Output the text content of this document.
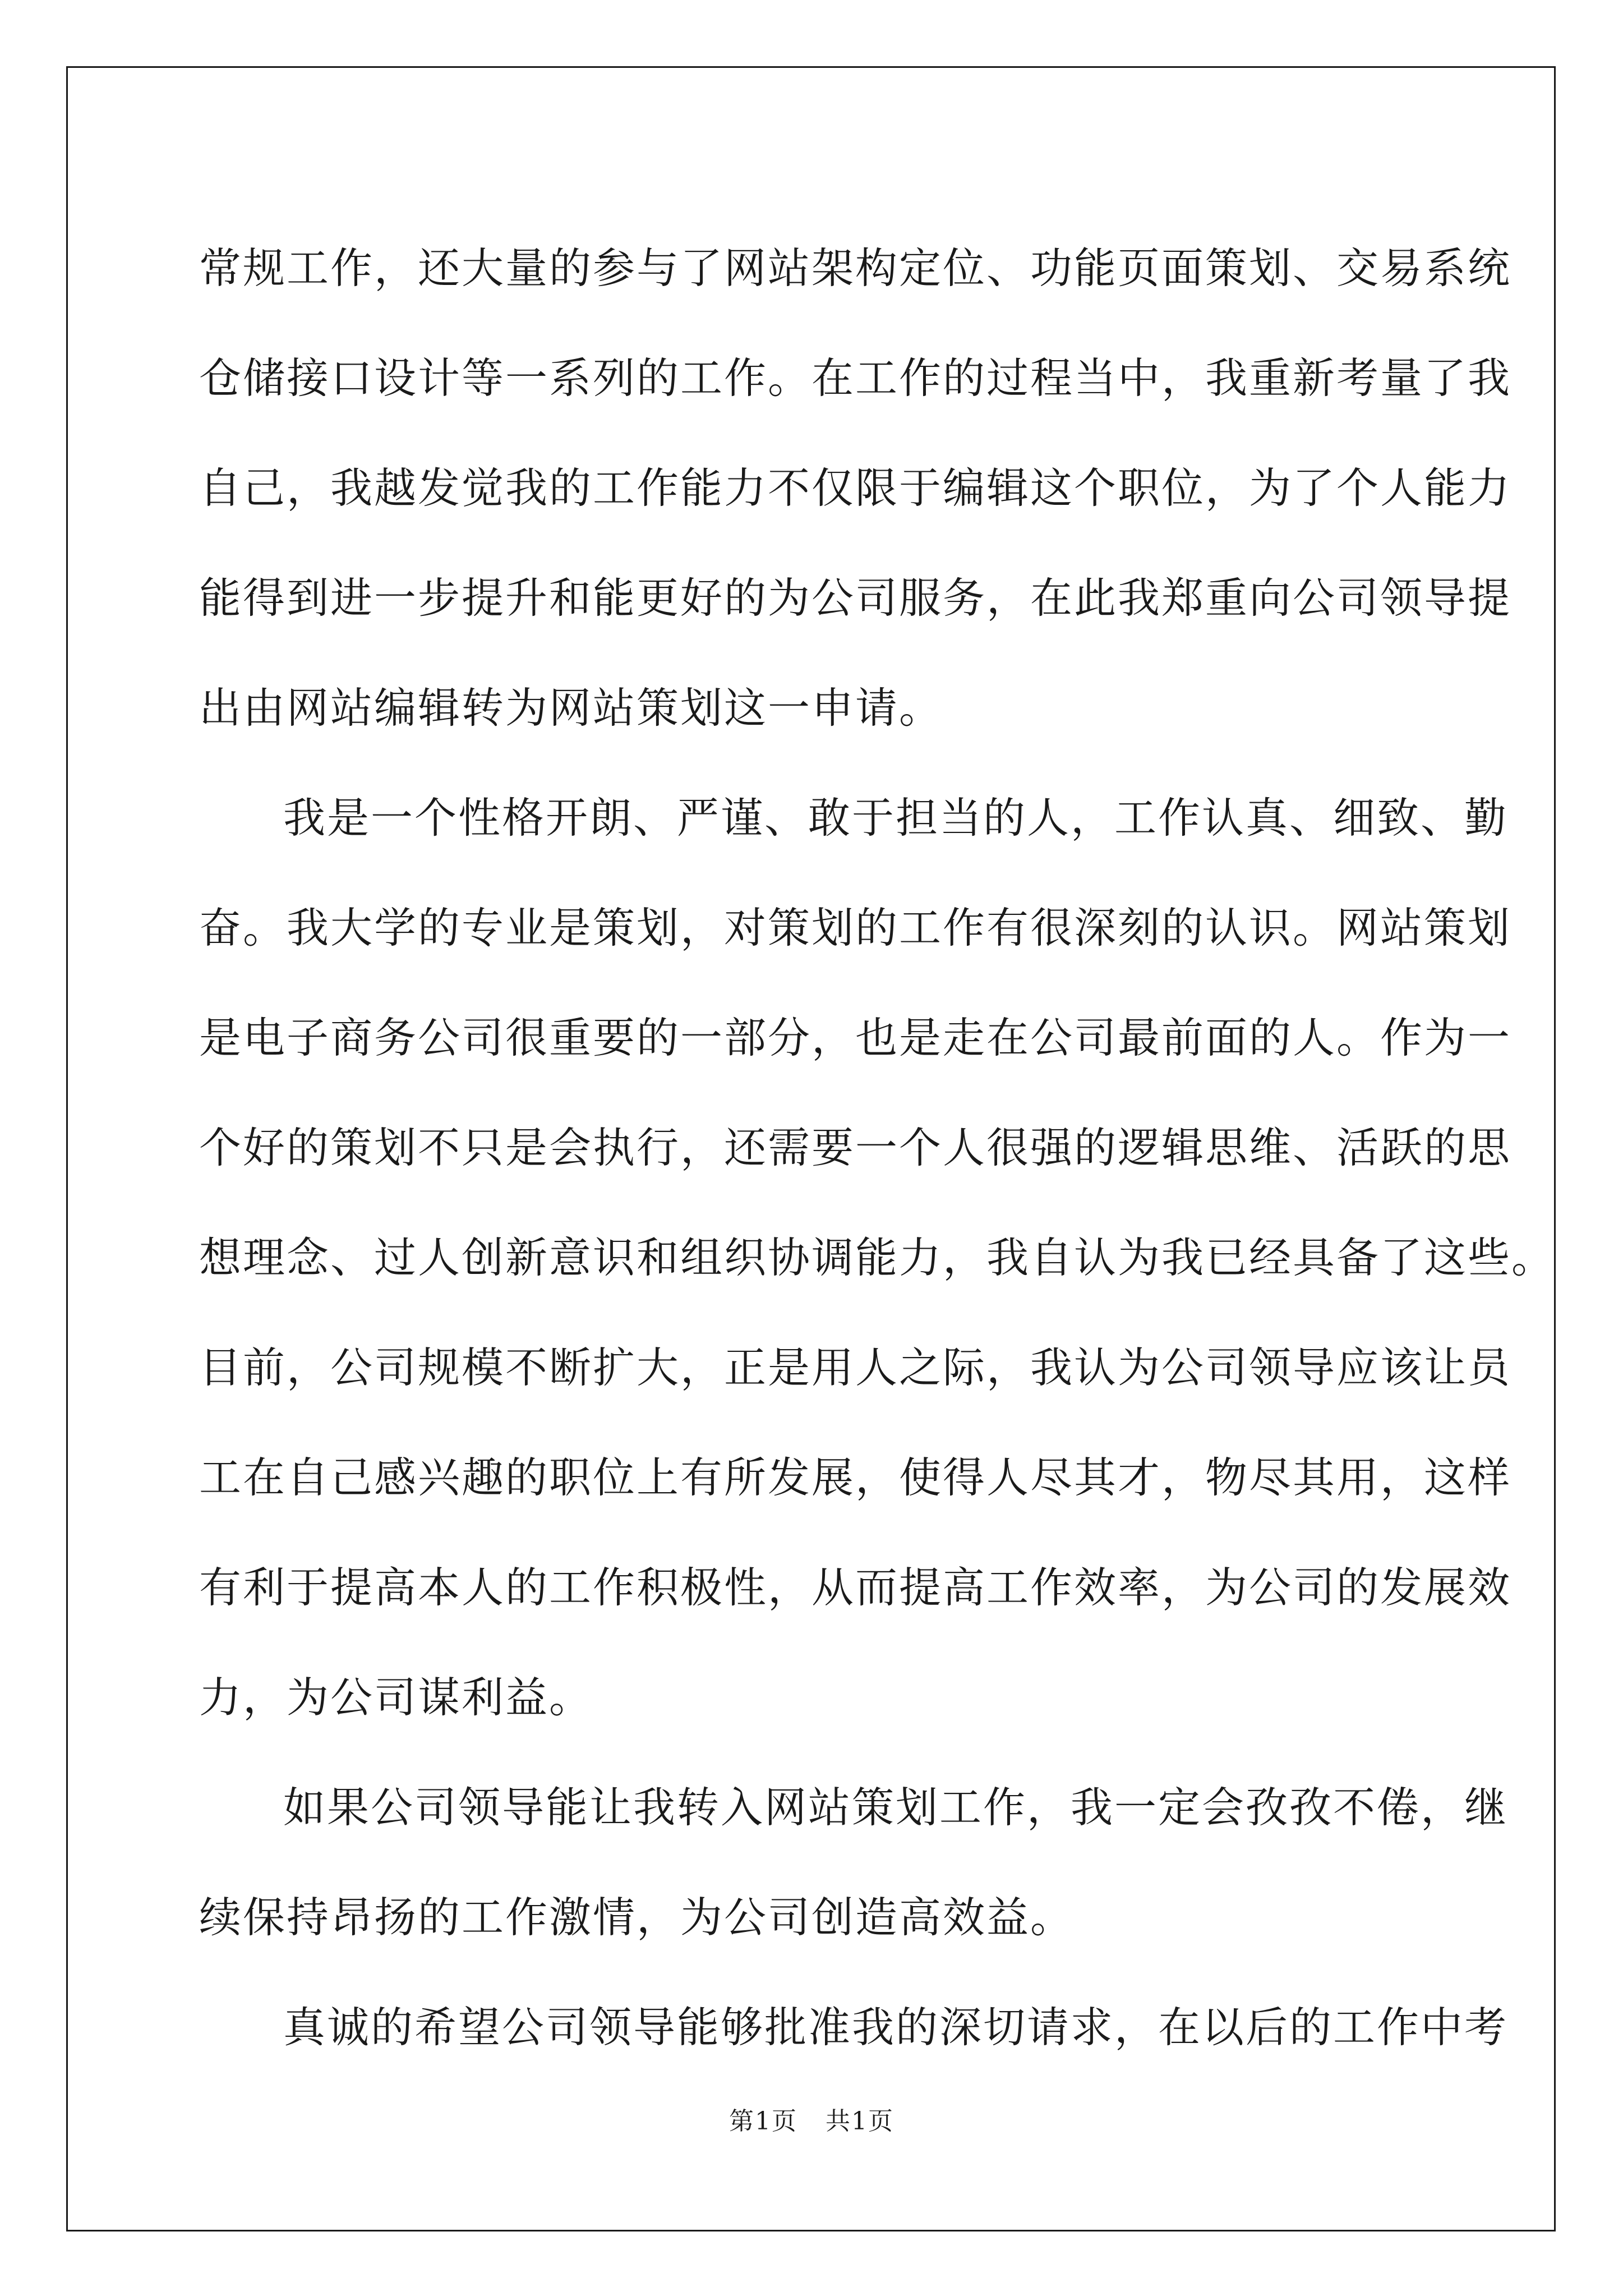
常规工作，还大量的参与了网站架构定位、功能页面策划、交易系统
仓储接口设计等一系列的工作。在工作的过程当中，我重新考量了我
自己，我越发觉我的工作能力不仅限于编辑这个职位，为了个人能力
能得到进一步提升和能更好的为公司服务，在此我郑重向公司领导提
出由网站编辑转为网站策划这一申请。
我是一个性格开朗、严谨、敢于担当的人，工作认真、细致、勤
奋。我大学的专业是策划，对策划的工作有很深刻的认识。网站策划
是电子商务公司很重要的一部分，也是走在公司最前面的人。作为一
个好的策划不只是会执行，还需要一个人很强的逻辑思维、活跃的思
想理念、过人创新意识和组织协调能力，我自认为我已经具备了这些。
目前，公司规模不断扩大，正是用人之际，我认为公司领导应该让员
工在自己感兴趣的职位上有所发展，使得人尽其才，物尽其用，这样
有利于提高本人的工作积极性，从而提高工作效率，为公司的发展效
力，为公司谋利益。
如果公司领导能让我转入网站策划工作，我一定会孜孜不倦，继
续保持昂扬的工作激情，为公司创造高效益。
真诚的希望公司领导能够批准我的深切请求，在以后的工作中考
第1页 共1页
